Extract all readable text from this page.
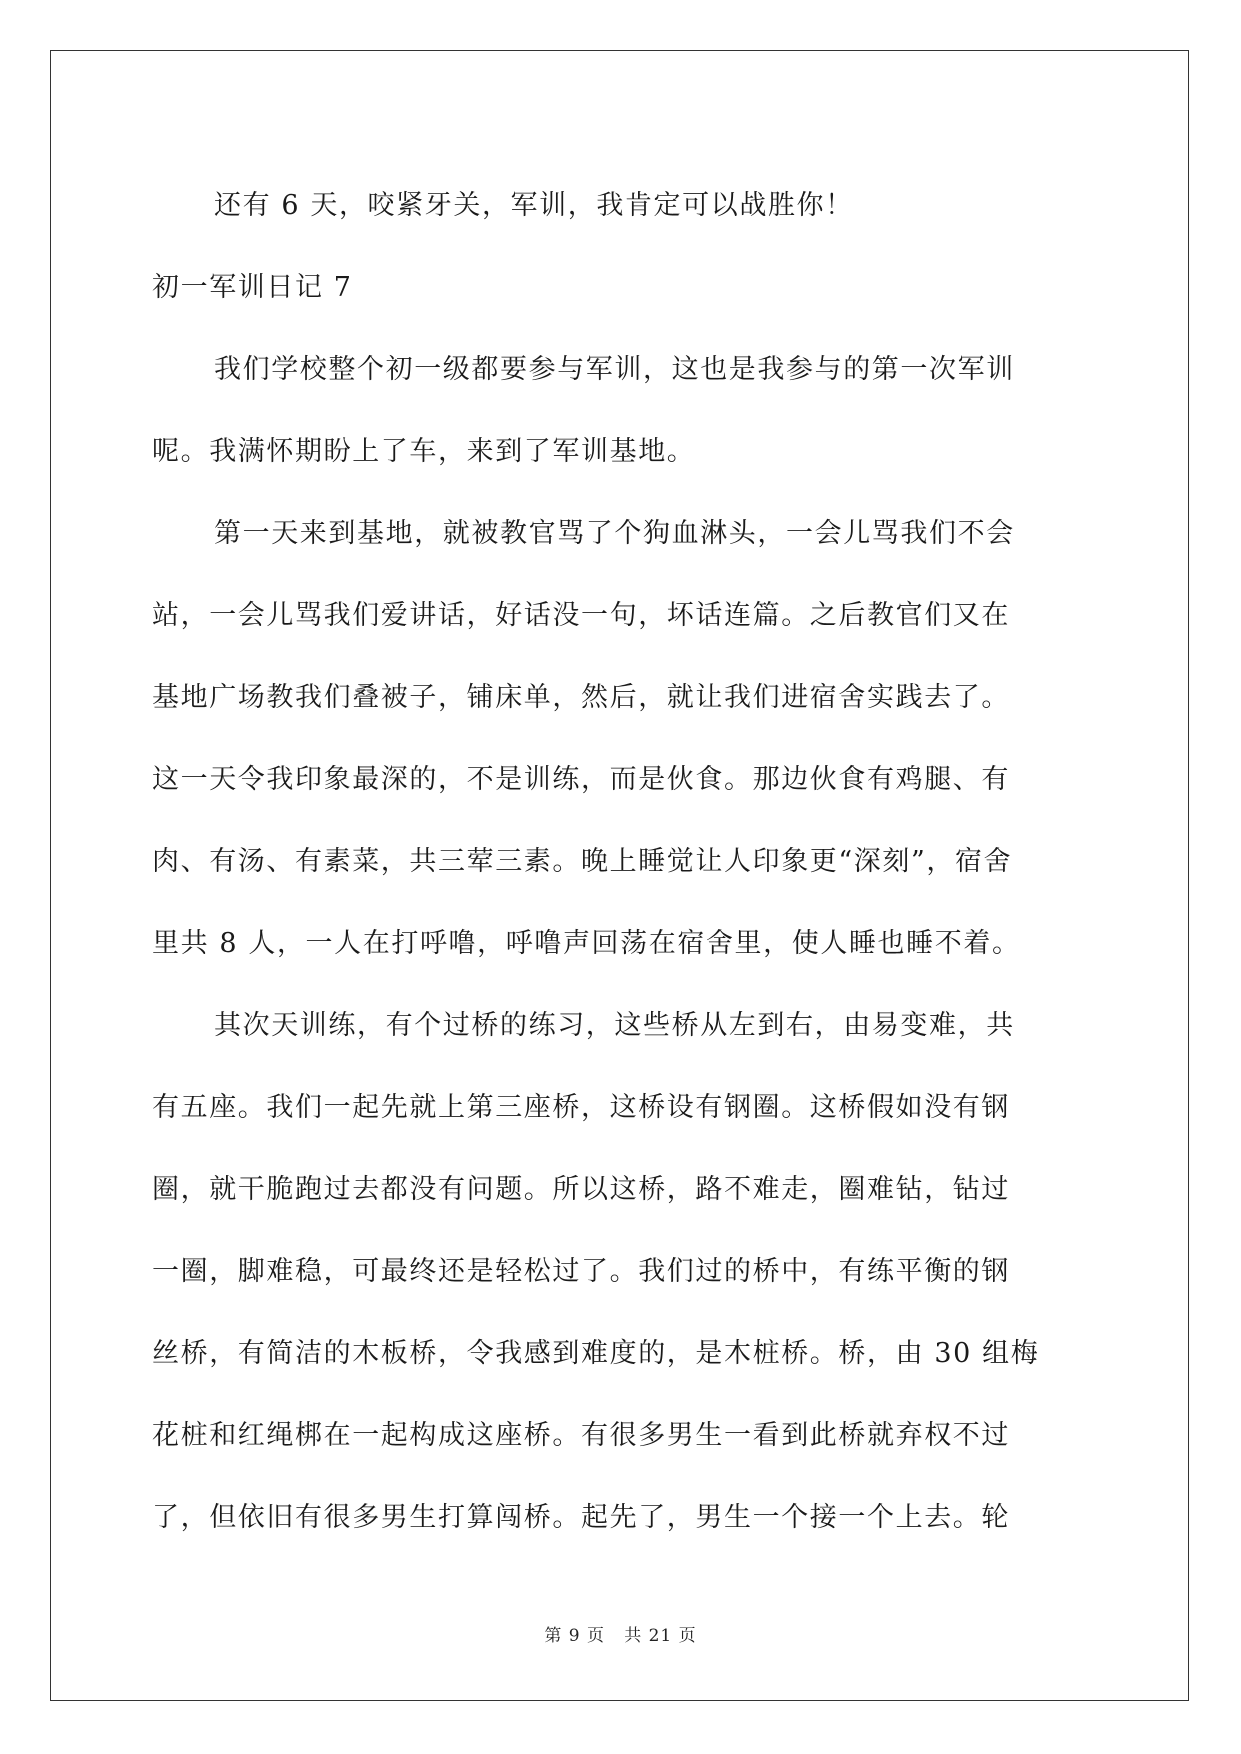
还有 6 天，咬紧牙关，军训，我肯定可以战胜你！
初一军训日记 7
我们学校整个初一级都要参与军训，这也是我参与的第一次军训
呢。我满怀期盼上了车，来到了军训基地。
第一天来到基地，就被教官骂了个狗血淋头，一会儿骂我们不会
站，一会儿骂我们爱讲话，好话没一句，坏话连篇。之后教官们又在
基地广场教我们叠被子，铺床单，然后，就让我们进宿舍实践去了。
这一天令我印象最深的，不是训练，而是伙食。那边伙食有鸡腿、有
肉、有汤、有素菜，共三荤三素。晚上睡觉让人印象更“深刻”，宿舍
里共 8 人，一人在打呼噜，呼噜声回荡在宿舍里，使人睡也睡不着。
其次天训练，有个过桥的练习，这些桥从左到右，由易变难，共
有五座。我们一起先就上第三座桥，这桥设有钢圈。这桥假如没有钢
圈，就干脆跑过去都没有问题。所以这桥，路不难走，圈难钻，钻过
一圈，脚难稳，可最终还是轻松过了。我们过的桥中，有练平衡的钢
丝桥，有简洁的木板桥，令我感到难度的，是木桩桥。桥，由 30 组梅
花桩和红绳梆在一起构成这座桥。有很多男生一看到此桥就弃权不过
了，但依旧有很多男生打算闯桥。起先了，男生一个接一个上去。轮
第 9 页 共 21 页
